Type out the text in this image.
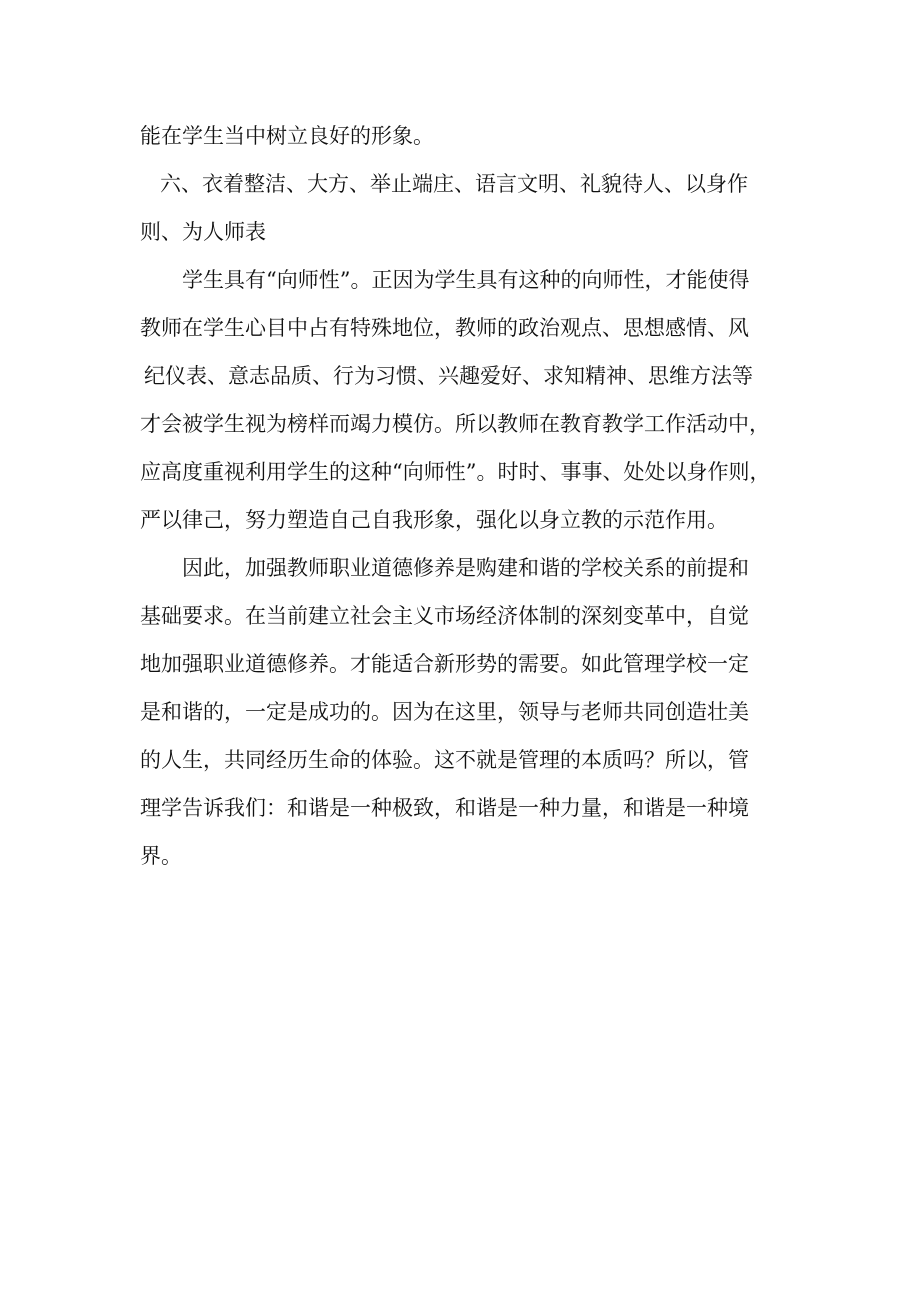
能在学生当中树立良好的形象。
六、衣着整洁、大方、举止端庄、语言文明、礼貌待人、以身作
则、为人师表
学生具有“向师性”。正因为学生具有这种的向师性，才能使得
教师在学生心目中占有特殊地位，教师的政治观点、思想感情、风
纪仪表、意志品质、行为习惯、兴趣爱好、求知精神、思维方法等
才会被学生视为榜样而竭力模仿。所以教师在教育教学工作活动中，
应高度重视利用学生的这种“向师性”。时时、事事、处处以身作则，
严以律己，努力塑造自己自我形象，强化以身立教的示范作用。
因此，加强教师职业道德修养是购建和谐的学校关系的前提和
基础要求。在当前建立社会主义市场经济体制的深刻变革中，自觉
地加强职业道德修养。才能适合新形势的需要。如此管理学校一定
是和谐的，一定是成功的。因为在这里，领导与老师共同创造壮美
的人生，共同经历生命的体验。这不就是管理的本质吗？所以，管
理学告诉我们：和谐是一种极致，和谐是一种力量，和谐是一种境
界。
